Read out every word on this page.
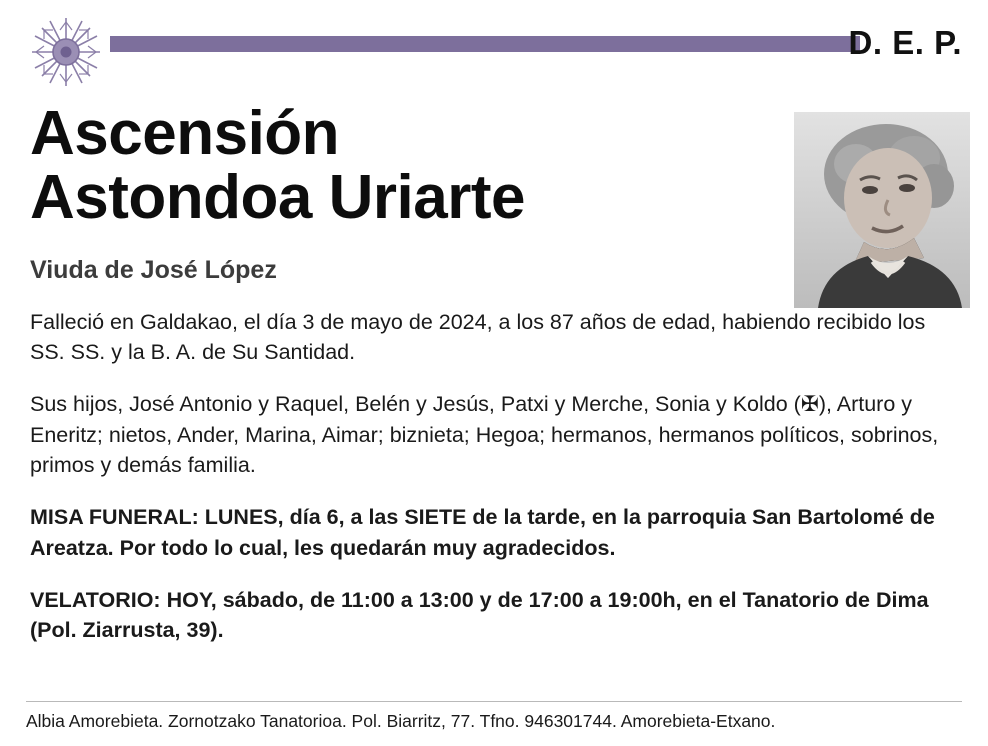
D. E. P.
Ascensión
Astondoa Uriarte
Viuda de José López

Falleció en Galdakao, el día 3 de mayo de 2024, a los 87 años de edad, habiendo recibido los SS. SS. y la B. A. de Su Santidad.

Sus hijos, José Antonio y Raquel, Belén y Jesús, Patxi y Merche, Sonia y Koldo (✠), Arturo y Eneritz; nietos, Ander, Marina, Aimar; biznieta; Hegoa; hermanos, hermanos políticos, sobrinos, primos y demás familia.

MISA FUNERAL: LUNES, día 6, a las SIETE de la tarde, en la parroquia San Bartolomé de Areatza. Por todo lo cual, les quedarán muy agradecidos.

VELATORIO: HOY, sábado, de 11:00 a 13:00 y de 17:00 a 19:00h, en el Tanatorio de Dima (Pol. Ziarrusta, 39).

Albia Amorebieta. Zornotzako Tanatorioa. Pol. Biarritz, 77. Tfno. 946301744. Amorebieta-Etxano.
